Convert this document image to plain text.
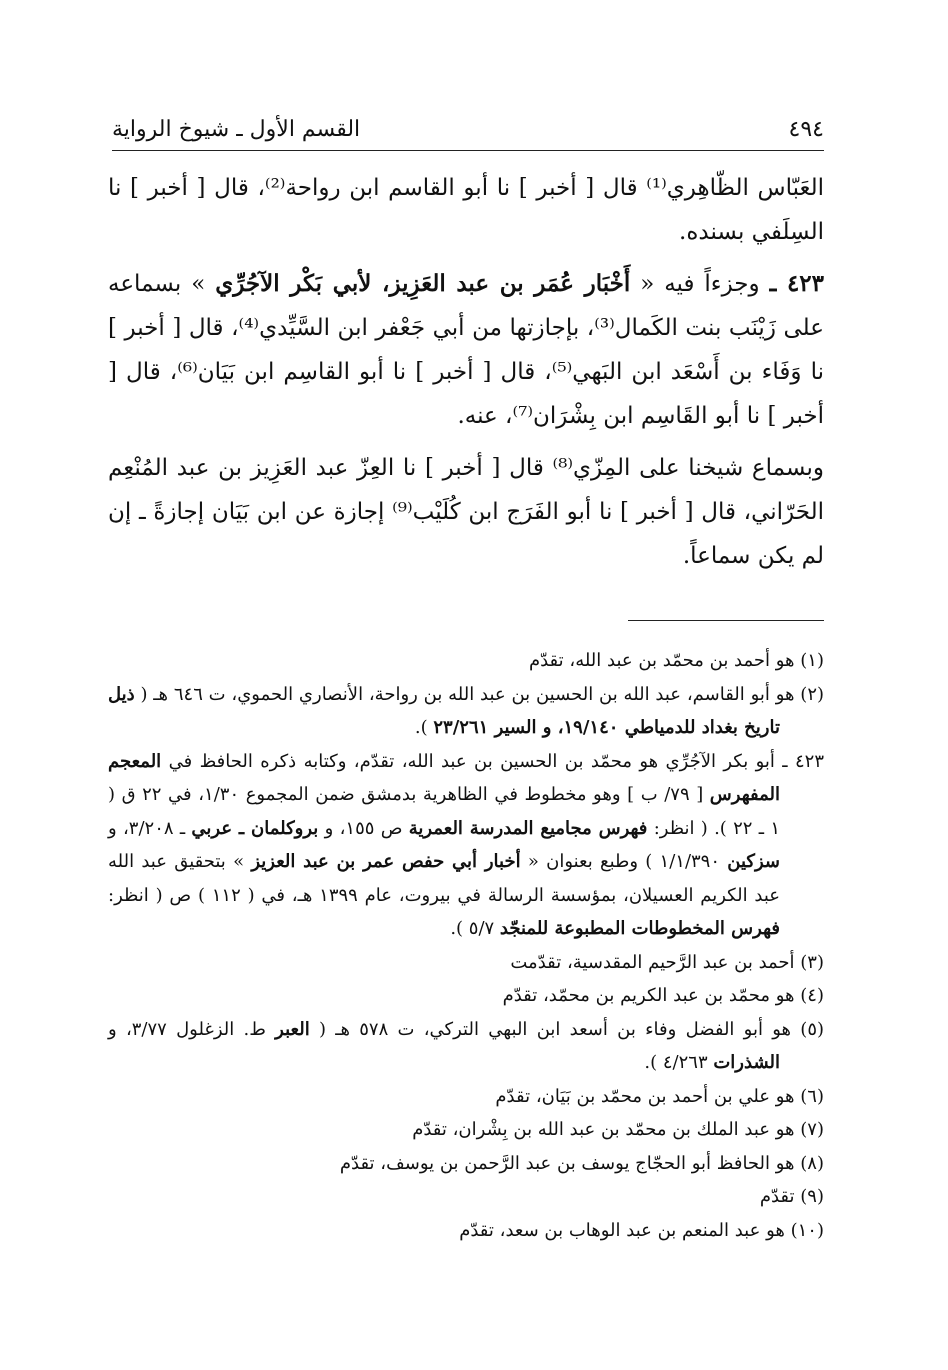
القسم الأول ـ شيوخ الرواية	٤٩٤

العَبّاس الظّاهِري⁽¹⁾ قال [ أخبر ] نا أبو القاسم ابن رواحة⁽²⁾، قال [ أخبر ] نا السِلَفي بسنده.

٤٢٣ ـ وجزءاً فيه « أَخْبَار عُمَر بن عبد العَزِيز، لأبي بَكْر الآجُرِّي » بسماعه على زَيْنَب بنت الكَمال⁽³⁾، بإجازتها من أبي جَعْفر ابن السَّيِّدي⁽⁴⁾، قال [ أخبر ] نا وَفَاء بن أَسْعَد ابن البَهي⁽⁵⁾، قال [ أخبر ] نا أبو القاسِم ابن بَيَان⁽⁶⁾، قال [ أخبر ] نا أبو القَاسِم ابن بِشْرَان⁽⁷⁾، عنه.

وبسماع شيخنا على المِزّي⁽⁸⁾ قال [ أخبر ] نا العِزّ عبد العَزِيز بن عبد المُنْعِم الحَرّاني، قال [ أخبر ] نا أبو الفَرَج ابن كُلَيْب⁽⁹⁾ إجازة عن ابن بَيَان إجازةً ـ إن لم يكن سماعاً.

(١) هو أحمد بن محمّد بن عبد الله، تقدّم

(٢) هو أبو القاسم، عبد الله بن الحسين بن عبد الله بن رواحة، الأنصاري الحموي، ت ٦٤٦ هـ ( ذيل تاريخ بغداد للدمياطي ١٩/١٤٠، و السير ٢٣/٢٦١ ).

٤٢٣ ـ أبو بكر الآجُرِّي هو محمّد بن الحسين بن عبد الله، تقدّم، وكتابه ذكره الحافظ في المعجم المفهرس [ ٧٩/ ب ] وهو مخطوط في الظاهرية بدمشق ضمن المجموع ١/٣٠، في ٢٢ ق ( ١ ـ ٢٢ ). ( انظر: فهرس مجاميع المدرسة العمرية ص ١٥٥، و بروكلمان ـ عربي ـ ٣/٢٠٨، و سزكين ١/١/٣٩٠ ) وطبع بعنوان « أخبار أبي حفص عمر بن عبد العزيز » بتحقيق عبد الله عبد الكريم العسيلان، بمؤسسة الرسالة في بيروت، عام ١٣٩٩ هـ، في ( ١١٢ ) ص ( انظر: فهرس المخطوطات المطبوعة للمنجّد ٥/٧ ).

(٣) أحمد بن عبد الرَّحيم المقدسية، تقدّمت

(٤) هو محمّد بن عبد الكريم بن محمّد، تقدّم

(٥) هو أبو الفضل وفاء بن أسعد ابن البهي التركي، ت ٥٧٨ هـ ( العبر ط. الزغلول ٣/٧٧، و الشذرات ٤/٢٦٣ ).

(٦) هو علي بن أحمد بن محمّد بن بَيَان، تقدّم

(٧) هو عبد الملك بن محمّد بن عبد الله بن بِشْران، تقدّم

(٨) هو الحافظ أبو الحجّاج يوسف بن عبد الرَّحمن بن يوسف، تقدّم

(٩) تقدّم

(١٠) هو عبد المنعم بن عبد الوهاب بن سعد، تقدّم
